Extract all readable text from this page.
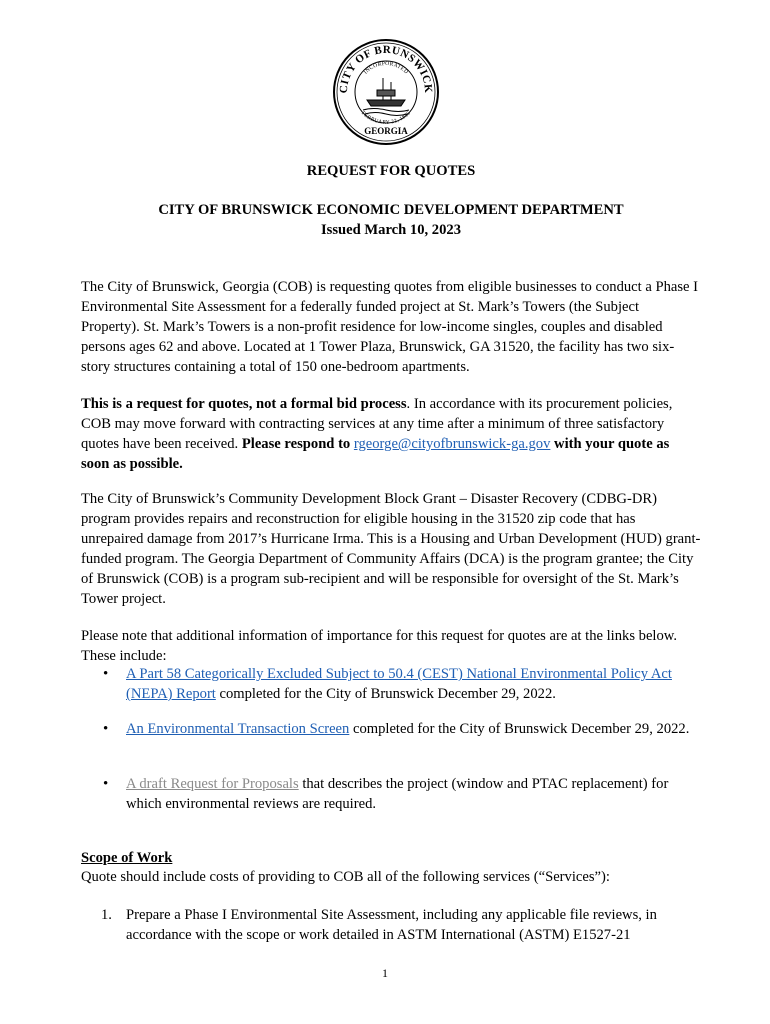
CITY OF BRUNSWICK
INCORPORATED
FEBRUARY 22, 1856
GEORGIA
REQUEST FOR QUOTES
CITY OF BRUNSWICK ECONOMIC DEVELOPMENT DEPARTMENT
Issued March 10, 2023

The City of Brunswick, Georgia (COB) is requesting quotes from eligible businesses to conduct a Phase I Environmental Site Assessment for a federally funded project at St. Mark’s Towers (the Subject Property). St. Mark’s Towers is a non-profit residence for low-income singles, couples and disabled persons ages 62 and above. Located at 1 Tower Plaza, Brunswick, GA 31520, the facility has two six-story structures containing a total of 150 one-bedroom apartments.

This is a request for quotes, not a formal bid process. In accordance with its procurement policies, COB may move forward with contracting services at any time after a minimum of three satisfactory quotes have been received. Please respond to rgeorge@cityofbrunswick-ga.gov with your quote as soon as possible.

The City of Brunswick’s Community Development Block Grant – Disaster Recovery (CDBG-DR) program provides repairs and reconstruction for eligible housing in the 31520 zip code that has unrepaired damage from 2017’s Hurricane Irma. This is a Housing and Urban Development (HUD) grant-funded program. The Georgia Department of Community Affairs (DCA) is the program grantee; the City of Brunswick (COB) is a program sub-recipient and will be responsible for oversight of the St. Mark’s Tower project.

Please note that additional information of importance for this request for quotes are at the links below. These include:

• A Part 58 Categorically Excluded Subject to 50.4 (CEST) National Environmental Policy Act (NEPA) Report completed for the City of Brunswick December 29, 2022.
• An Environmental Transaction Screen completed for the City of Brunswick December 29, 2022.
• A draft Request for Proposals that describes the project (window and PTAC replacement) for which environmental reviews are required.
Scope of Work
Quote should include costs of providing to COB all of the following services (“Services”):
1. Prepare a Phase I Environmental Site Assessment, including any applicable file reviews, in accordance with the scope or work detailed in ASTM International (ASTM) E1527-21
1
